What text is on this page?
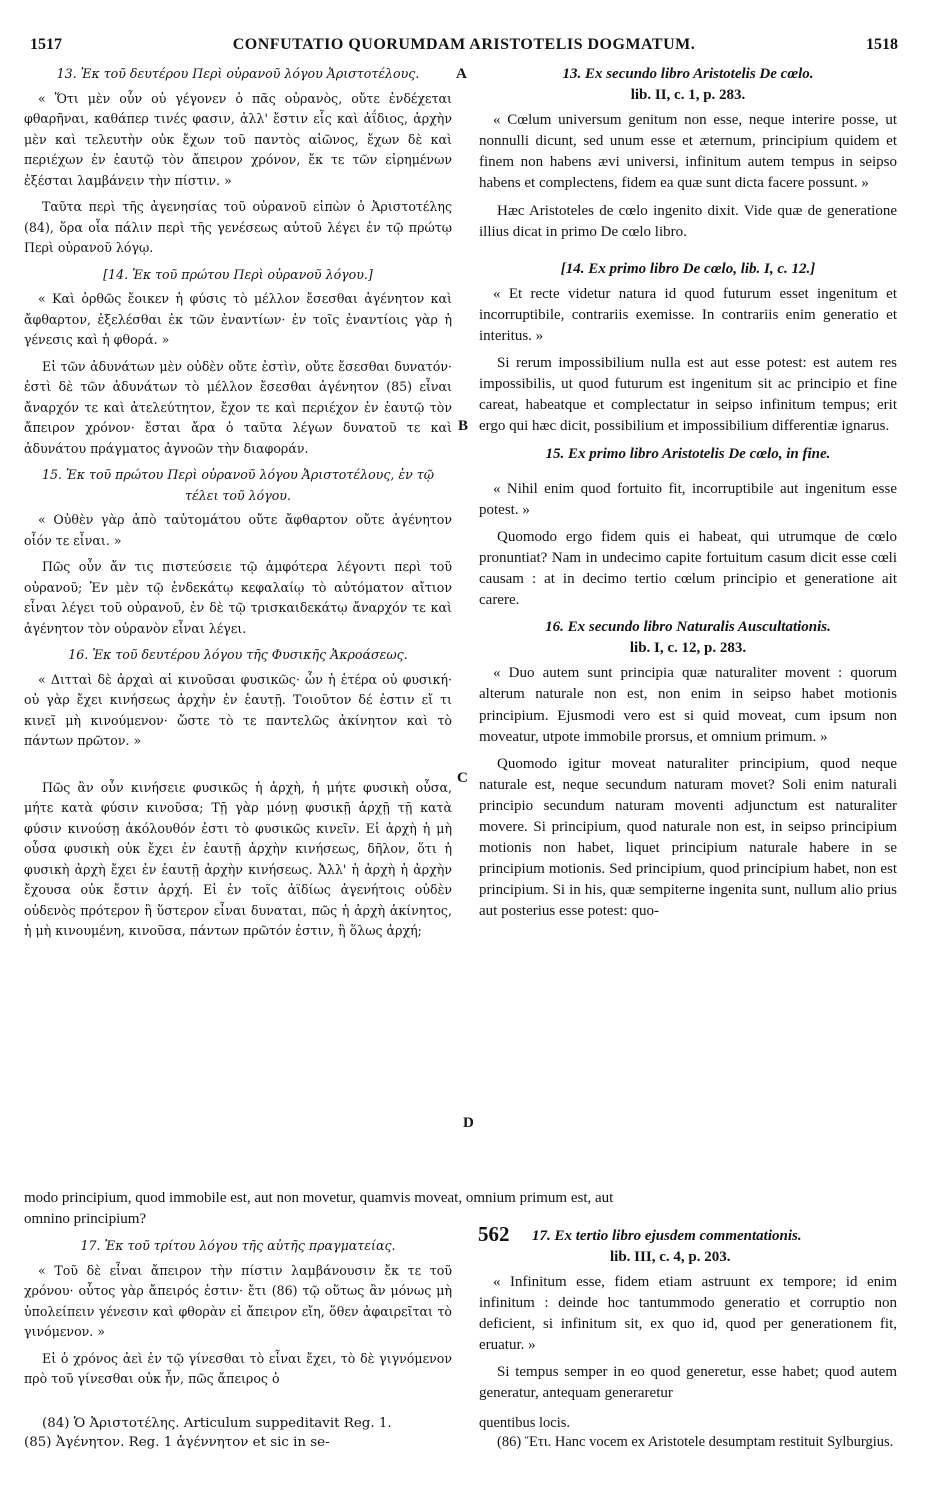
1517	CONFUTATIO QUORUMDAM ARISTOTELIS DOGMATUM.	1518

13. Ἐκ τοῦ δευτέρου Περὶ οὐρανοῦ λόγου Ἀριστοτέλους.

« Ὅτι μὲν οὖν οὐ γέγονεν ὁ πᾶς οὐρανὸς, οὔτε ἐνδέχεται φθαρῆναι, καθάπερ τινές φασιν, ἀλλ' ἔστιν εἷς καὶ ἀΐδιος, ἀρχὴν μὲν καὶ τελευτὴν οὐκ ἔχων τοῦ παντὸς αἰῶνος, ἔχων δὲ καὶ περιέχων ἐν ἑαυτῷ τὸν ἄπειρον χρόνον, ἔκ τε τῶν εἰρημένων ἐξέσται λαμβάνειν τὴν πίστιν. »

Ταῦτα περὶ τῆς ἀγενησίας τοῦ οὐρανοῦ εἰπὼν ὁ Ἀριστοτέλης (84), ὅρα οἷα πάλιν περὶ τῆς γενέσεως αὐτοῦ λέγει ἐν τῷ πρώτῳ Περὶ οὐρανοῦ λόγῳ.

[14. Ἐκ τοῦ πρώτου Περὶ οὐρανοῦ λόγου.]

« Καὶ ὀρθῶς ἔοικεν ἡ φύσις τὸ μέλλον ἔσεσθαι ἀγένητον καὶ ἄφθαρτον, ἐξελέσθαι ἐκ τῶν ἐναντίων· ἐν τοῖς ἐναντίοις γὰρ ἡ γένεσις καὶ ἡ φθορά. »

Εἰ τῶν ἀδυνάτων μὲν οὐδὲν οὔτε ἐστὶν, οὔτε ἔσεσθαι δυνατόν· ἐστὶ δὲ τῶν ἀδυνάτων τὸ μέλλον ἔσεσθαι ἀγένητον (85) εἶναι ἄναρχόν τε καὶ ἀτελεύτητον, ἔχον τε καὶ περιέχον ἐν ἑαυτῷ τὸν ἄπειρον χρόνον· ἔσται ἄρα ὁ ταῦτα λέγων δυνατοῦ τε καὶ ἀδυνάτου πράγματος ἀγνοῶν τὴν διαφοράν.

15. Ἐκ τοῦ πρώτου Περὶ οὐρανοῦ λόγου Ἀριστοτέλους, ἐν τῷ τέλει τοῦ λόγου.

« Οὐθὲν γὰρ ἀπὸ ταὐτομάτου οὔτε ἄφθαρτον οὔτε ἀγένητον οἷόν τε εἶναι. »

Πῶς οὖν ἄν τις πιστεύσειε τῷ ἀμφότερα λέγοντι περὶ τοῦ οὐρανοῦ; Ἐν μὲν τῷ ἑνδεκάτῳ κεφαλαίῳ τὸ αὐτόματον αἴτιον εἶναι λέγει τοῦ οὐρανοῦ, ἐν δὲ τῷ τρισκαιδεκάτῳ ἄναρχόν τε καὶ ἀγένητον τὸν οὐρανὸν εἶναι λέγει.

16. Ἐκ τοῦ δευτέρου λόγου τῆς Φυσικῆς Ἀκροάσεως.

« Διτταὶ δὲ ἀρχαὶ αἱ κινοῦσαι φυσικῶς· ὧν ἡ ἑτέρα οὐ φυσική· οὐ γὰρ ἔχει κινήσεως ἀρχὴν ἐν ἑαυτῇ. Τοιοῦτον δέ ἐστιν εἴ τι κινεῖ μὴ κινούμενον· ὥστε τὸ τε παντελῶς ἀκίνητον καὶ τὸ πάντων πρῶτον. »

Πῶς ἂν οὖν κινήσειε φυσικῶς ἡ ἀρχὴ, ἡ μήτε φυσικὴ οὖσα, μήτε κατὰ φύσιν κινοῦσα; Τῇ γὰρ μόνῃ φυσικῇ ἀρχῇ τῇ κατὰ φύσιν κινούσῃ ἀκόλουθόν ἐστι τὸ φυσικῶς κινεῖν. Εἰ ἀρχὴ ἡ μὴ οὖσα φυσικὴ οὐκ ἔχει ἐν ἑαυτῇ ἀρχὴν κινήσεως, δῆλον, ὅτι ἡ φυσικὴ ἀρχὴ ἔχει ἐν ἑαυτῇ ἀρχὴν κινήσεως. Ἀλλ' ἡ ἀρχὴ ἡ ἀρχὴν ἔχουσα οὐκ ἔστιν ἀρχή. Εἰ ἐν τοῖς ἀϊδίως ἀγενήτοις οὐδὲν οὐδενὸς πρότερον ἢ ὕστερον εἶναι δυναται, πῶς ἡ ἀρχὴ ἀκίνητος, ἡ μὴ κινουμένη, κινοῦσα, πάντων πρῶτόν ἐστιν, ἢ ὅλως ἀρχή;

17. Ἐκ τοῦ τρίτου λόγου τῆς αὐτῆς πραγματείας.

« Τοῦ δὲ εἶναι ἄπειρον τὴν πίστιν λαμβάνουσιν ἔκ τε τοῦ χρόνου· οὗτος γὰρ ἄπειρός ἐστιν· ἔτι (86) τῷ οὕτως ἂν μόνως μὴ ὑπολείπειν γένεσιν καὶ φθορὰν εἰ ἄπειρον εἴη, ὅθεν ἀφαιρεῖται τὸ γινόμενον. »

Εἰ ὁ χρόνος ἀεὶ ἐν τῷ γίνεσθαι τὸ εἶναι ἔχει, τὸ δὲ γιγνόμενον πρὸ τοῦ γίνεσθαι οὐκ ἦν, πῶς ἄπειρος ὁ

13. Ex secundo libro Aristotelis De cœlo.
lib. II, c. 1, p. 283.

« Cœlum universum genitum non esse, neque interire posse, ut nonnulli dicunt, sed unum esse et æternum, principium quidem et finem non habens ævi universi, infinitum autem tempus in seipso habens et complectens, fidem ea quæ sunt dicta facere possunt. »

Hæc Aristoteles de cœlo ingenito dixit. Vide quæ de generatione illius dicat in primo De cœlo libro.

[14. Ex primo libro De cœlo, lib. I, c. 12.]

« Et recte videtur natura id quod futurum esset ingenitum et incorruptibile, contrariis exemisse. In contrariis enim generatio et interitus. »

Si rerum impossibilium nulla est aut esse potest: est autem res impossibilis, ut quod futurum est ingenitum sit ac principio et fine careat, habeatque et complectatur in seipso infinitum tempus; erit ergo qui hæc dicit, possibilium et impossibilium differentiæ ignarus.

15. Ex primo libro Aristotelis De cœlo, in fine.

« Nihil enim quod fortuito fit, incorruptibile aut ingenitum esse potest. »

Quomodo ergo fidem quis ei habeat, qui utrumque de cœlo pronuntiat? Nam in undecimo capite fortuitum casum dicit esse cœli causam : at in decimo tertio cœlum principio et generatione ait carere.

16. Ex secundo libro Naturalis Auscultationis.
lib. I, c. 12, p. 283.

« Duo autem sunt principia quæ naturaliter movent : quorum alterum naturale non est, non enim in seipso habet motionis principium. Ejusmodi vero est si quid moveat, cum ipsum non moveatur, utpote immobile prorsus, et omnium primum. »

Quomodo igitur moveat naturaliter principium, quod neque naturale est, neque secundum naturam movet? Soli enim naturali principio secundum naturam moventi adjunctum est naturaliter movere. Si principium, quod naturale non est, in seipso principium motionis non habet, liquet principium naturale habere in se principium motionis. Sed principium, quod principium habet, non est principium. Si in his, quæ sempiterne ingenita sunt, nullum alio prius aut posterius esse potest: quo-

modo principium, quod immobile est, aut non movetur, quamvis moveat, omnium primum est, aut
omnino principium?
562 17. Ex tertio libro ejusdem commentationis.
lib. III, c. 4, p. 203.

« Infinitum esse, fidem etiam astruunt ex tempore; id enim infinitum : deinde hoc tantummodo generatio et corruptio non deficient, si infinitum sit, ex quo id, quod per generationem fit, eruatur. »

Si tempus semper in eo quod generetur, esse habet; quod autem generatur, antequam generaretur

A
B
C
D
(84) Ὁ Ἀριστοτέλης. Articulum suppeditavit Reg. 1.
(85) Ἀγένητον. Reg. 1 ἀγέννητον et sic in se-
quentibus locis.
(86) Ἔτι. Hanc vocem ex Aristotele desumptam restituit Sylburgius.
